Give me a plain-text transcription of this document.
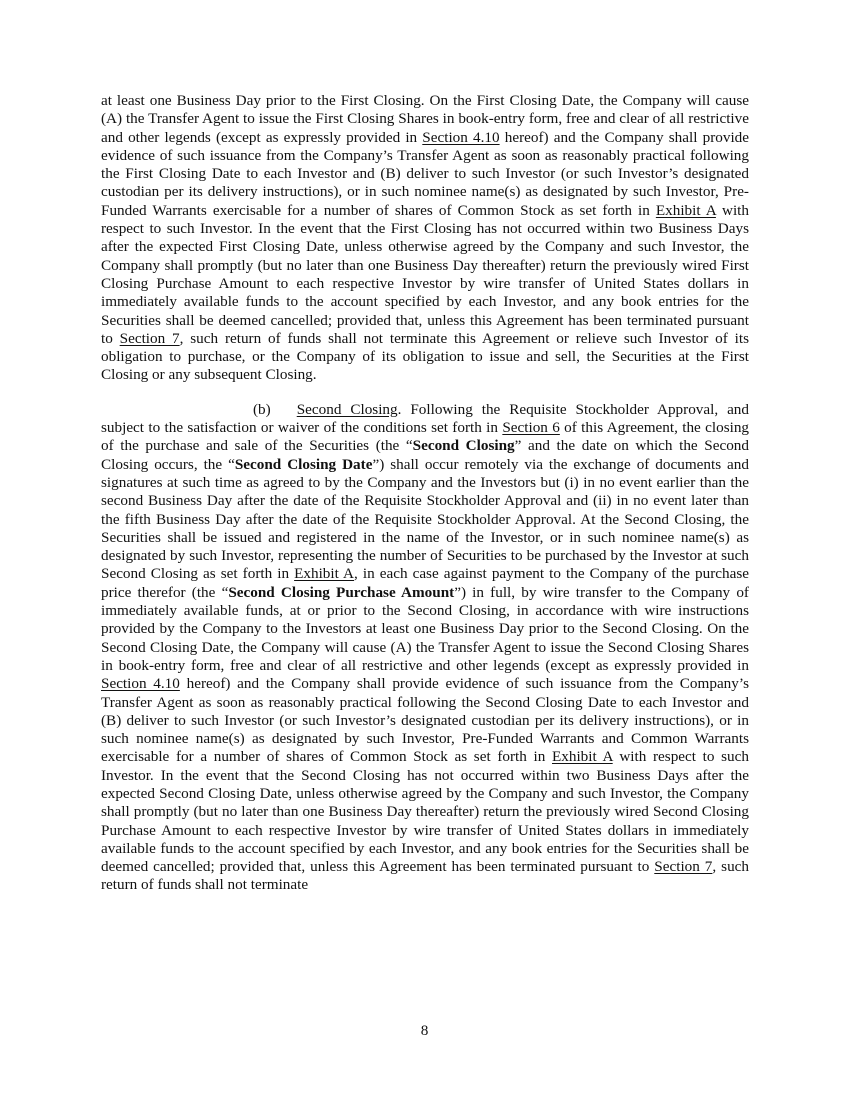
at least one Business Day prior to the First Closing. On the First Closing Date, the Company will cause (A) the Transfer Agent to issue the First Closing Shares in book-entry form, free and clear of all restrictive and other legends (except as expressly provided in Section 4.10 hereof) and the Company shall provide evidence of such issuance from the Company’s Transfer Agent as soon as reasonably practical following the First Closing Date to each Investor and (B) deliver to such Investor (or such Investor’s designated custodian per its delivery instructions), or in such nominee name(s) as designated by such Investor, Pre-Funded Warrants exercisable for a number of shares of Common Stock as set forth in Exhibit A with respect to such Investor. In the event that the First Closing has not occurred within two Business Days after the expected First Closing Date, unless otherwise agreed by the Company and such Investor, the Company shall promptly (but no later than one Business Day thereafter) return the previously wired First Closing Purchase Amount to each respective Investor by wire transfer of United States dollars in immediately available funds to the account specified by each Investor, and any book entries for the Securities shall be deemed cancelled; provided that, unless this Agreement has been terminated pursuant to Section 7, such return of funds shall not terminate this Agreement or relieve such Investor of its obligation to purchase, or the Company of its obligation to issue and sell, the Securities at the First Closing or any subsequent Closing.

(b) Second Closing. Following the Requisite Stockholder Approval, and subject to the satisfaction or waiver of the conditions set forth in Section 6 of this Agreement, the closing of the purchase and sale of the Securities (the “Second Closing” and the date on which the Second Closing occurs, the “Second Closing Date”) shall occur remotely via the exchange of documents and signatures at such time as agreed to by the Company and the Investors but (i) in no event earlier than the second Business Day after the date of the Requisite Stockholder Approval and (ii) in no event later than the fifth Business Day after the date of the Requisite Stockholder Approval. At the Second Closing, the Securities shall be issued and registered in the name of the Investor, or in such nominee name(s) as designated by such Investor, representing the number of Securities to be purchased by the Investor at such Second Closing as set forth in Exhibit A, in each case against payment to the Company of the purchase price therefor (the “Second Closing Purchase Amount”) in full, by wire transfer to the Company of immediately available funds, at or prior to the Second Closing, in accordance with wire instructions provided by the Company to the Investors at least one Business Day prior to the Second Closing. On the Second Closing Date, the Company will cause (A) the Transfer Agent to issue the Second Closing Shares in book-entry form, free and clear of all restrictive and other legends (except as expressly provided in Section 4.10 hereof) and the Company shall provide evidence of such issuance from the Company’s Transfer Agent as soon as reasonably practical following the Second Closing Date to each Investor and (B) deliver to such Investor (or such Investor’s designated custodian per its delivery instructions), or in such nominee name(s) as designated by such Investor, Pre-Funded Warrants and Common Warrants exercisable for a number of shares of Common Stock as set forth in Exhibit A with respect to such Investor. In the event that the Second Closing has not occurred within two Business Days after the expected Second Closing Date, unless otherwise agreed by the Company and such Investor, the Company shall promptly (but no later than one Business Day thereafter) return the previously wired Second Closing Purchase Amount to each respective Investor by wire transfer of United States dollars in immediately available funds to the account specified by each Investor, and any book entries for the Securities shall be deemed cancelled; provided that, unless this Agreement has been terminated pursuant to Section 7, such return of funds shall not terminate

8
